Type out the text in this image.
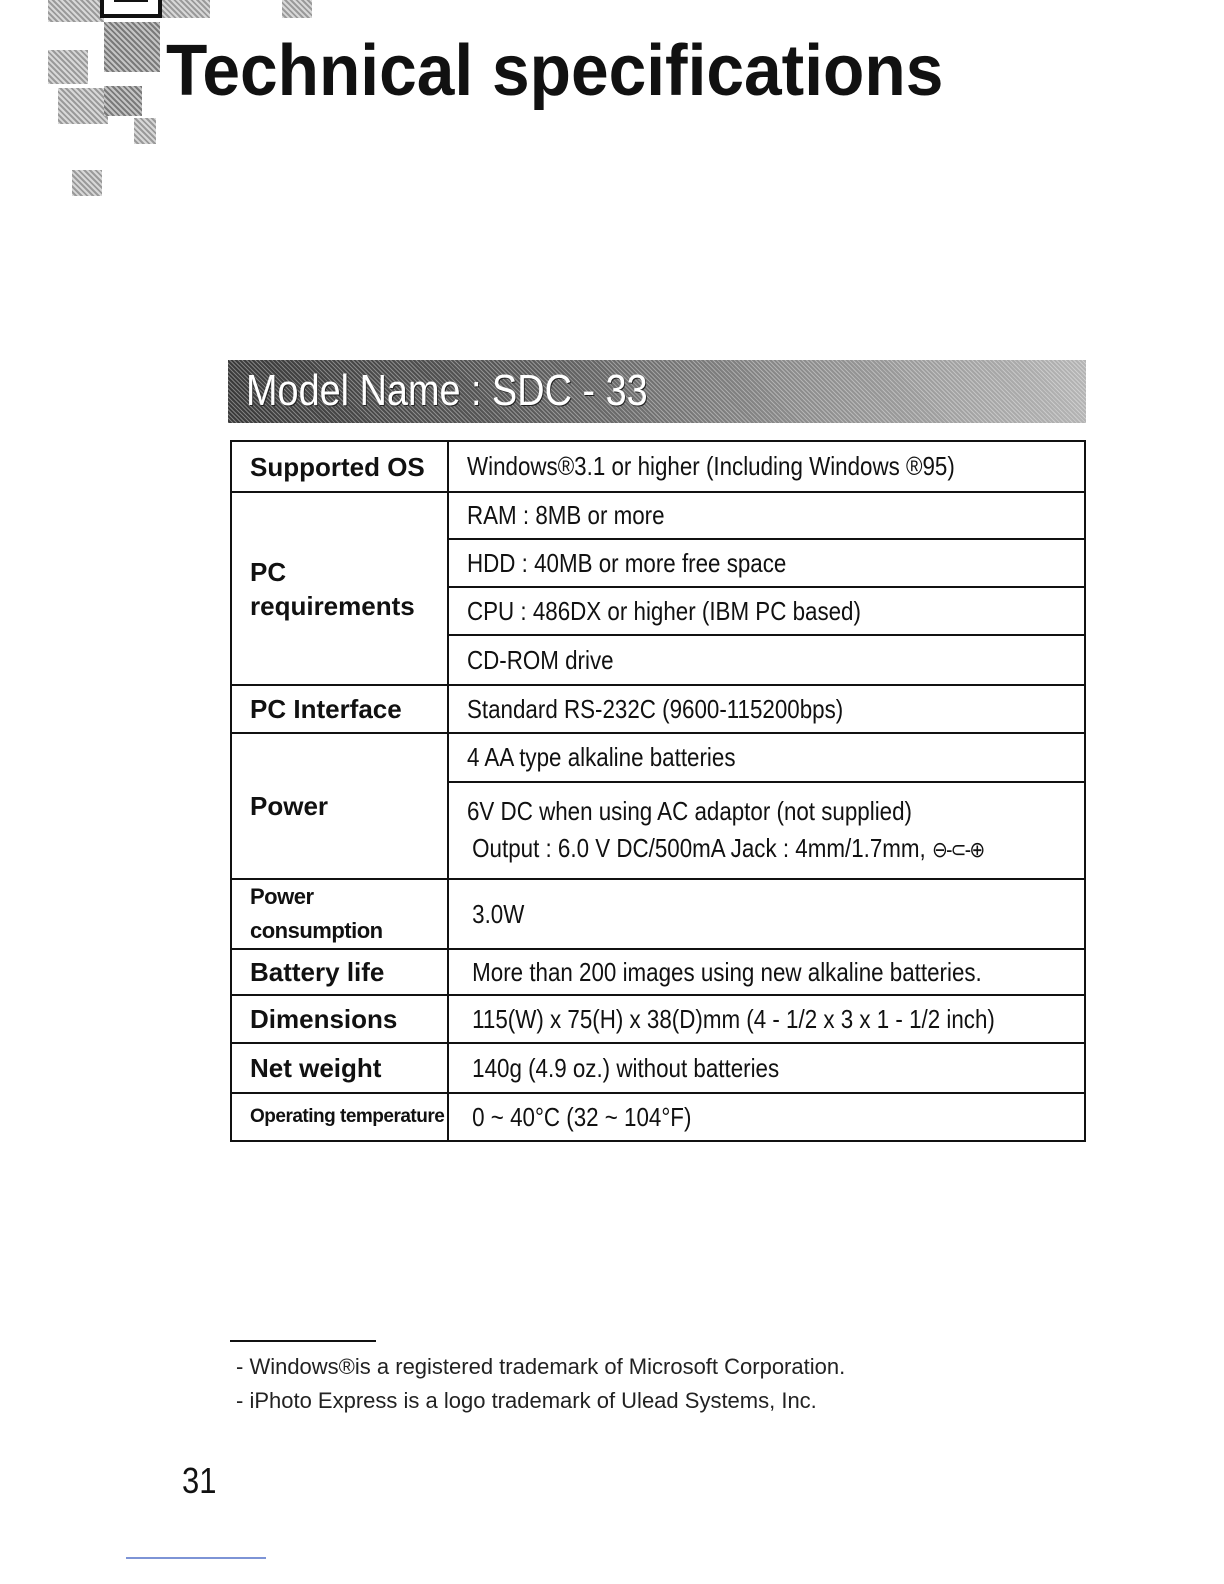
Technical specifications
Model Name : SDC - 33
Supported OS	Windows®3.1 or higher (Including Windows ®95)
PC requirements	RAM : 8MB or more
	HDD : 40MB or more free space
	CPU : 486DX or higher (IBM PC based)
	CD-ROM drive
PC Interface	Standard RS-232C (9600-115200bps)
Power	4 AA type alkaline batteries
	6V DC when using AC adaptor (not supplied)
Output : 6.0 V DC/500mA Jack : 4mm/1.7mm, ⊖-⊂-⊕
Power consumption	3.0W
Battery life	More than 200 images using new alkaline batteries.
Dimensions	115(W) x 75(H) x 38(D)mm (4 - 1/2 x 3 x 1 - 1/2 inch)
Net weight	140g (4.9 oz.) without batteries
Operating temperature	0 ~ 40°C (32 ~ 104°F)
- Windows®is a registered trademark of Microsoft Corporation.
- iPhoto Express is a logo trademark of Ulead Systems, Inc.
31
